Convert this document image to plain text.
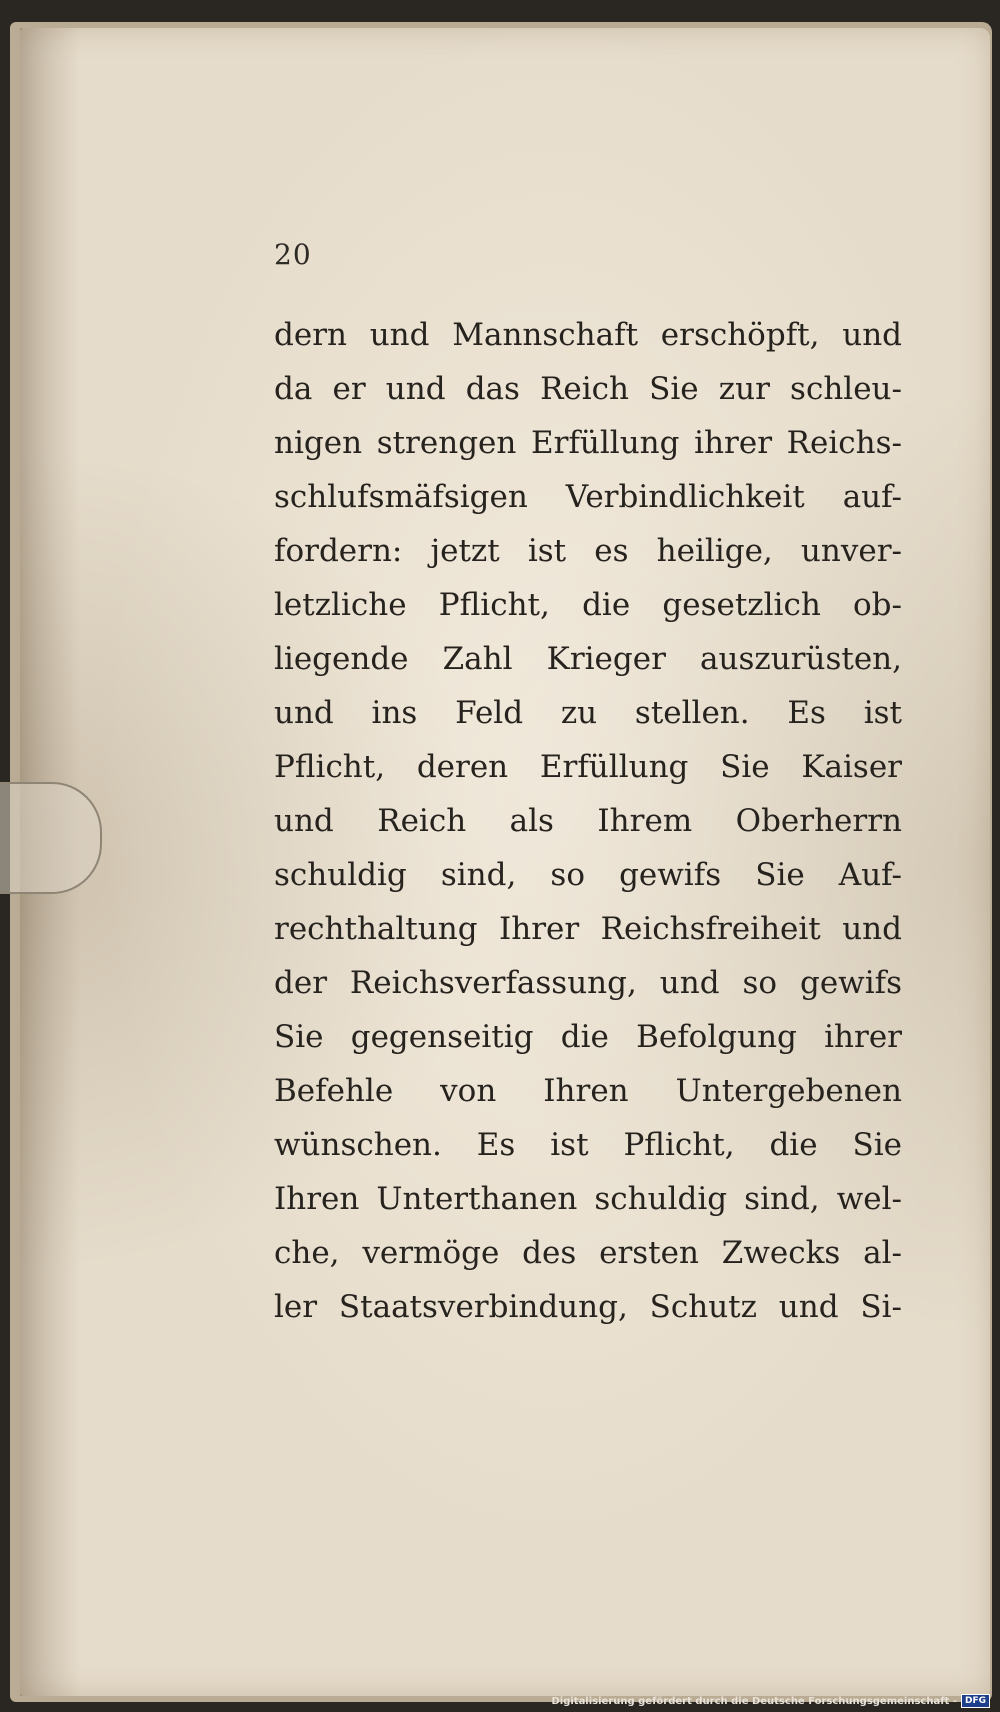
20
dern und Mannschaft erschöpft, und
da er und das Reich Sie zur schleu-
nigen strengen Erfüllung ihrer Reichs-
schlufsmäfsigen Verbindlichkeit auf-
fordern: jetzt ist es heilige, unver-
letzliche Pflicht, die gesetzlich ob-
liegende Zahl Krieger auszurüsten,
und ins Feld zu stellen. Es ist
Pflicht, deren Erfüllung Sie Kaiser
und Reich als Ihrem Oberherrn
schuldig sind, so gewifs Sie Auf-
rechthaltung Ihrer Reichsfreiheit und
der Reichsverfassung, und so gewifs
Sie gegenseitig die Befolgung ihrer
Befehle von Ihren Untergebenen
wünschen. Es ist Pflicht, die Sie
Ihren Unterthanen schuldig sind, wel-
che, vermöge des ersten Zwecks al-
ler Staatsverbindung, Schutz und Si-
Digitalisierung gefördert durch die Deutsche Forschungsgemeinschaft - DFG
